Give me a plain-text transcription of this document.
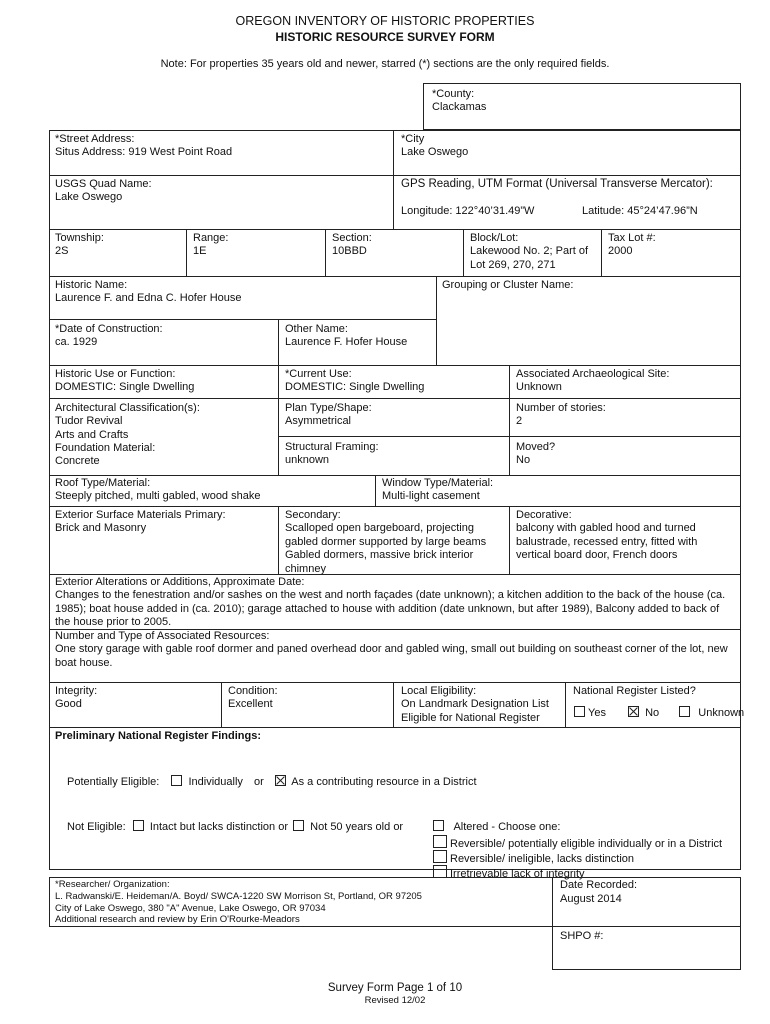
OREGON INVENTORY OF HISTORIC PROPERTIES
HISTORIC RESOURCE SURVEY FORM
Note: For properties 35 years old and newer, starred (*) sections are the only required fields.
*County:
Clackamas
*Street Address:
Situs Address: 919 West Point Road
*City
Lake Oswego
USGS Quad Name:
Lake Oswego
GPS Reading, UTM Format (Universal Transverse Mercator):
Longitude: 122°40’31.49”W	Latitude: 45°24’47.96”N
Township:
2S
Range:
1E
Section:
10BBD
Block/Lot:
Lakewood No. 2; Part of
Lot 269, 270, 271
Tax Lot #:
2000
Historic Name:
Laurence F. and Edna C. Hofer House
Grouping or Cluster Name:
*Date of Construction:
ca. 1929
Other Name:
Laurence F. Hofer House
Historic Use or Function:
DOMESTIC: Single Dwelling
*Current Use:
DOMESTIC: Single Dwelling
Associated Archaeological Site:
Unknown
Architectural Classification(s):
Tudor Revival
Arts and Crafts
Plan Type/Shape:
Asymmetrical
Number of stories:
2
Foundation Material:
Concrete
Structural Framing:
unknown
Moved?
No
Roof Type/Material:
Steeply pitched, multi gabled, wood shake
Window Type/Material:
Multi-light casement
Exterior Surface Materials Primary:
Brick and Masonry
Secondary:
Scalloped open bargeboard, projecting
gabled dormer supported by large beams
Gabled dormers, massive brick interior
chimney
Decorative:
balcony with gabled hood and turned
balustrade, recessed entry, fitted with
vertical board door, French doors
Exterior Alterations or Additions, Approximate Date:
Changes to the fenestration and/or sashes on the west and north façades (date unknown); a kitchen addition to the back of the house (ca. 1985); boat house added in (ca. 2010); garage attached to house with addition (date unknown, but after 1989), Balcony added to back of the house prior to 2005.
Number and Type of Associated Resources:
One story garage with gable roof dormer and paned overhead door and gabled wing, small out building on southeast corner of the lot, new boat house.
Integrity:
Good
Condition:
Excellent
Local Eligibility:
On Landmark Designation List
Eligible for National Register
National Register Listed?
Yes	No	Unknown
Preliminary National Register Findings:
Potentially Eligible:	Individually or	As a contributing resource in a District
Not Eligible: Intact but lacks distinction or Not 50 years old or	Altered - Choose one:
Reversible/ potentially eligible individually or in a District
Reversible/ ineligible, lacks distinction
Irretrievable lack of integrity
*Researcher/ Organization:
L. Radwanski/E. Heideman/A. Boyd/ SWCA-1220 SW Morrison St, Portland, OR 97205
City of Lake Oswego, 380 "A" Avenue, Lake Oswego, OR 97034
Additional research and review by Erin O'Rourke-Meadors
Date Recorded:
August 2014
SHPO #:
Survey Form Page 1 of 10
Revised 12/02
